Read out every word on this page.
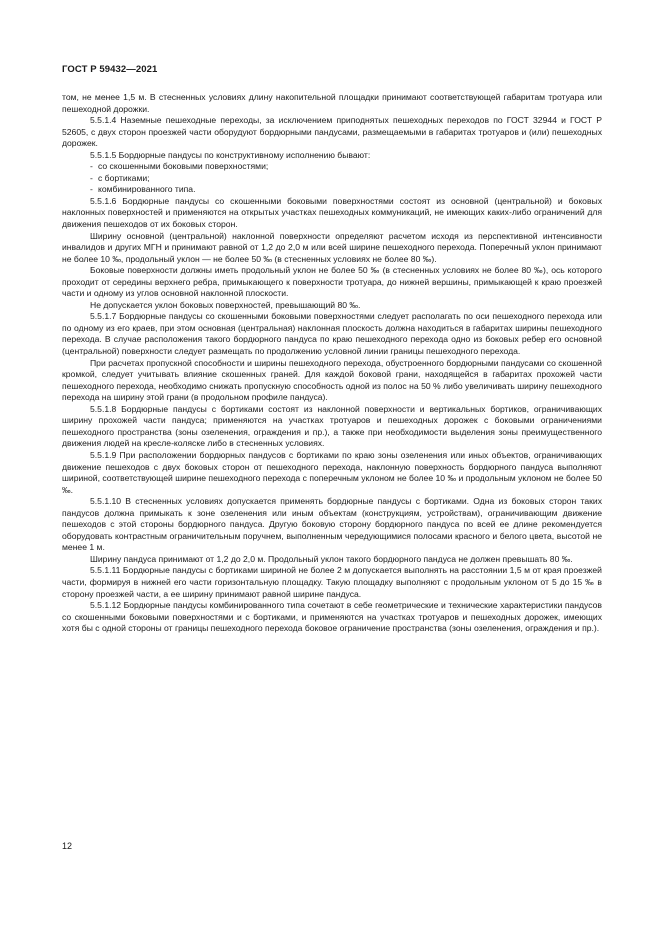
ГОСТ Р 59432—2021

том, не менее 1,5 м. В стесненных условиях длину накопительной площадки принимают соответствующей габаритам тротуара или пешеходной дорожки.

5.5.1.4 Наземные пешеходные переходы, за исключением приподнятых пешеходных переходов по ГОСТ 32944 и ГОСТ Р 52605, с двух сторон проезжей части оборудуют бордюрными пандусами, размещаемыми в габаритах тротуаров и (или) пешеходных дорожек.

5.5.1.5 Бордюрные пандусы по конструктивному исполнению бывают:

- со скошенными боковыми поверхностями;

- с бортиками;

- комбинированного типа.

5.5.1.6 Бордюрные пандусы со скошенными боковыми поверхностями состоят из основной (центральной) и боковых наклонных поверхностей и применяются на открытых участках пешеходных коммуникаций, не имеющих каких-либо ограничений для движения пешеходов от их боковых сторон.

Ширину основной (центральной) наклонной поверхности определяют расчетом исходя из перспективной интенсивности инвалидов и других МГН и принимают равной от 1,2 до 2,0 м или всей ширине пешеходного перехода. Поперечный уклон принимают не более 10 ‰, продольный уклон — не более 50 ‰ (в стесненных условиях не более 80 ‰).

Боковые поверхности должны иметь продольный уклон не более 50 ‰ (в стесненных условиях не более 80 ‰), ось которого проходит от середины верхнего ребра, примыкающего к поверхности тротуара, до нижней вершины, примыкающей к краю проезжей части и одному из углов основной наклонной плоскости.

Не допускается уклон боковых поверхностей, превышающий 80 ‰.

5.5.1.7 Бордюрные пандусы со скошенными боковыми поверхностями следует располагать по оси пешеходного перехода или по одному из его краев, при этом основная (центральная) наклонная плоскость должна находиться в габаритах ширины пешеходного перехода. В случае расположения такого бордюрного пандуса по краю пешеходного перехода одно из боковых ребер его основной (центральной) поверхности следует размещать по продолжению условной линии границы пешеходного перехода.

При расчетах пропускной способности и ширины пешеходного перехода, обустроенного бордюрными пандусами со скошенной кромкой, следует учитывать влияние скошенных граней. Для каждой боковой грани, находящейся в габаритах прохожей части пешеходного перехода, необходимо снижать пропускную способность одной из полос на 50 % либо увеличивать ширину пешеходного перехода на ширину этой грани (в продольном профиле пандуса).

5.5.1.8 Бордюрные пандусы с бортиками состоят из наклонной поверхности и вертикальных бортиков, ограничивающих ширину прохожей части пандуса; применяются на участках тротуаров и пешеходных дорожек с боковыми ограничениями пешеходного пространства (зоны озеленения, ограждения и пр.), а также при необходимости выделения зоны преимущественного движения людей на кресле-коляске либо в стесненных условиях.

5.5.1.9 При расположении бордюрных пандусов с бортиками по краю зоны озеленения или иных объектов, ограничивающих движение пешеходов с двух боковых сторон от пешеходного перехода, наклонную поверхность бордюрного пандуса выполняют шириной, соответствующей ширине пешеходного перехода с поперечным уклоном не более 10 ‰ и продольным уклоном не более 50 ‰.

5.5.1.10 В стесненных условиях допускается применять бордюрные пандусы с бортиками. Одна из боковых сторон таких пандусов должна примыкать к зоне озеленения или иным объектам (конструкциям, устройствам), ограничивающим движение пешеходов с этой стороны бордюрного пандуса. Другую боковую сторону бордюрного пандуса по всей ее длине рекомендуется оборудовать контрастным ограничительным поручнем, выполненным чередующимися полосами красного и белого цвета, высотой не менее 1 м.

Ширину пандуса принимают от 1,2 до 2,0 м. Продольный уклон такого бордюрного пандуса не должен превышать 80 ‰.

5.5.1.11 Бордюрные пандусы с бортиками шириной не более 2 м допускается выполнять на расстоянии 1,5 м от края проезжей части, формируя в нижней его части горизонтальную площадку. Такую площадку выполняют с продольным уклоном от 5 до 15 ‰ в сторону проезжей части, а ее ширину принимают равной ширине пандуса.

5.5.1.12 Бордюрные пандусы комбинированного типа сочетают в себе геометрические и технические характеристики пандусов со скошенными боковыми поверхностями и с бортиками, и применяются на участках тротуаров и пешеходных дорожек, имеющих хотя бы с одной стороны от границы пешеходного перехода боковое ограничение пространства (зоны озеленения, ограждения и пр.).

12
